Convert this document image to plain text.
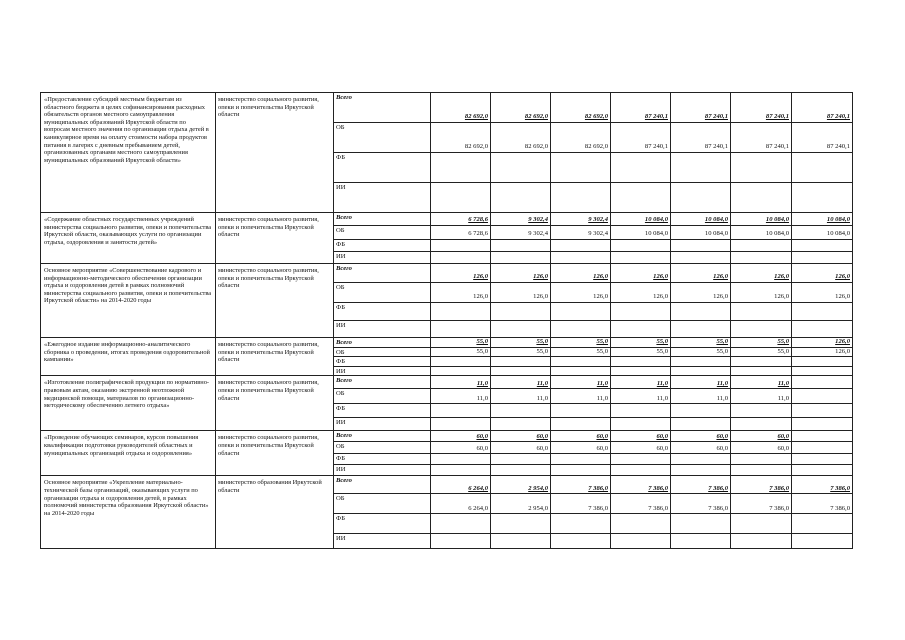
«Предоставление субсидий местным бюджетам из областного бюджета в целях софинансирования расходных обязательств органов местного самоуправления муниципальных образований Иркутской области по вопросам местного значения по организации отдыха детей в каникулярное время на оплату стоимости набора продуктов питания в лагерях с дневным пребыванием детей, организованных органами местного самоуправления муниципальных образований Иркутской области»	министерство социального развития, опеки и попечительства Иркутской области	Всего	82 692,0	82 692,0	82 692,0	87 240,1	87 240,1	87 240,1	87 240,1
		ОБ	82 692,0	82 692,0	82 692,0	87 240,1	87 240,1	87 240,1	87 240,1
		ФБ							
		ИИ							
«Содержание областных государственных учреждений министерства социального развития, опеки и попечительства Иркутской области, оказывающих услуги по организации отдыха, оздоровления и занятости детей»	министерство социального развития, опеки и попечительства Иркутской области	Всего	6 728,6	9 302,4	9 302,4	10 084,0	10 084,0	10 084,0	10 084,0
		ОБ	6 728,6	9 302,4	9 302,4	10 084,0	10 084,0	10 084,0	10 084,0
		ФБ							
		ИИ							
Основное мероприятие «Совершенствование кадрового и информационно-методического обеспечения организации отдыха и оздоровления детей в рамках полномочий министерства социального развития, опеки и попечительства Иркутской области» на 2014-2020 годы	министерство социального развития, опеки и попечительства Иркутской области	Всего	126,0	126,0	126,0	126,0	126,0	126,0	126,0
		ОБ	126,0	126,0	126,0	126,0	126,0	126,0	126,0
		ФБ							
		ИИ							
«Ежегодное издание информационно-аналитического сборника о проведении, итогах проведения оздоровительной кампании»	министерство социального развития, опеки и попечительства Иркутской области	Всего	55,0	55,0	55,0	55,0	55,0	55,0	126,0
		ОБ	55,0	55,0	55,0	55,0	55,0	55,0	126,0
		ФБ							
		ИИ							
«Изготовление полиграфической продукции по нормативно-правовым актам, оказанию экстренной неотложной медицинской помощи, материалов по организационно-методическому обеспечению летнего отдыха»	министерство социального развития, опеки и попечительства Иркутской области	Всего	11,0	11,0	11,0	11,0	11,0	11,0	
		ОБ	11,0	11,0	11,0	11,0	11,0	11,0	
		ФБ							
		ИИ							
«Проведение обучающих семинаров, курсов повышения квалификации подготовки руководителей областных и муниципальных организаций отдыха и оздоровления»	министерство социального развития, опеки и попечительства Иркутской области	Всего	60,0	60,0	60,0	60,0	60,0	60,0	
		ОБ	60,0	60,0	60,0	60,0	60,0	60,0	
		ФБ							
		ИИ							
Основное мероприятие «Укрепление материально-технической базы организаций, оказывающих услуги по организации отдыха и оздоровления детей, в рамках полномочий министерства образования Иркутской области» на 2014-2020 годы	министерство образования Иркутской области	Всего	6 264,0	2 954,0	7 386,0	7 386,0	7 386,0	7 386,0	7 386,0
		ОБ	6 264,0	2 954,0	7 386,0	7 386,0	7 386,0	7 386,0	7 386,0
		ФБ							
		ИИ							
